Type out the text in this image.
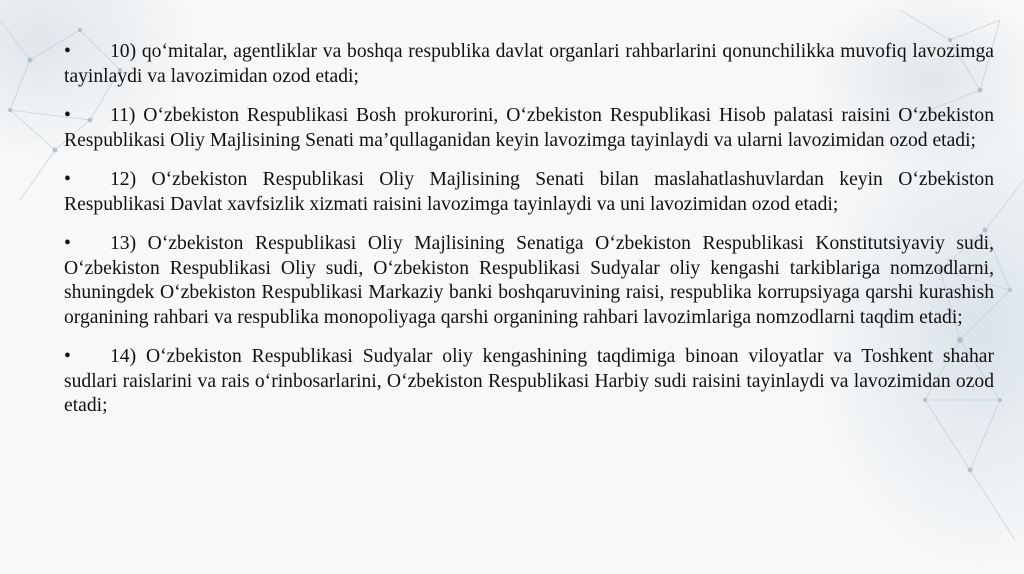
• 10) qo‘mitalar, agentliklar va boshqa respublika davlat organlari rahbarlarini qonunchilikka muvofiq lavozimga tayinlaydi va lavozimidan ozod etadi;

• 11) O‘zbekiston Respublikasi Bosh prokurorini, O‘zbekiston Respublikasi Hisob palatasi raisini O‘zbekiston Respublikasi Oliy Majlisining Senati ma’qullaganidan keyin lavozimga tayinlaydi va ularni lavozimidan ozod etadi;

• 12) O‘zbekiston Respublikasi Oliy Majlisining Senati bilan maslahatlashuvlardan keyin O‘zbekiston Respublikasi Davlat xavfsizlik xizmati raisini lavozimga tayinlaydi va uni lavozimidan ozod etadi;

• 13) O‘zbekiston Respublikasi Oliy Majlisining Senatiga O‘zbekiston Respublikasi Konstitutsiyaviy sudi, O‘zbekiston Respublikasi Oliy sudi, O‘zbekiston Respublikasi Sudyalar oliy kengashi tarkiblariga nomzodlarni, shuningdek O‘zbekiston Respublikasi Markaziy banki boshqaruvining raisi, respublika korrupsiyaga qarshi kurashish organining rahbari va respublika monopoliyaga qarshi organining rahbari lavozimlariga nomzodlarni taqdim etadi;

• 14) O‘zbekiston Respublikasi Sudyalar oliy kengashining taqdimiga binoan viloyatlar va Toshkent shahar sudlari raislarini va rais o‘rinbosarlarini, O‘zbekiston Respublikasi Harbiy sudi raisini tayinlaydi va lavozimidan ozod etadi;
